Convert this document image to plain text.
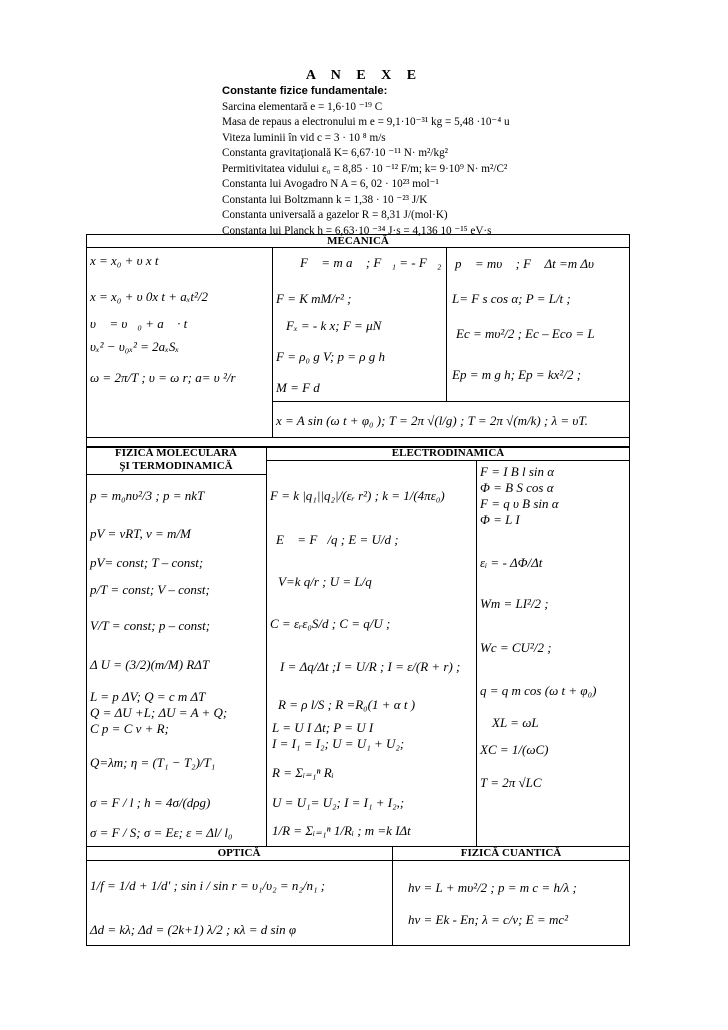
A N E X E
Constante fizice fundamentale:
Sarcina elementară e = 1,6·10 ⁻¹⁹ C
Masa de repaus a electronului m e = 9,1·10⁻³¹ kg = 5,48 ·10⁻⁴ u
Viteza luminii în vid c = 3 · 10 ⁸ m/s
Constanta gravitaţională K= 6,67·10 ⁻¹¹ N· m²/kg²
Permitivitatea vidului ε₀ = 8,85 · 10 ⁻¹² F/m; k= 9·10⁹ N· m²/C²
Constanta lui Avogadro N A = 6, 02 · 10²³ mol⁻¹
Constanta lui Boltzmann k = 1,38 · 10 ⁻²³ J/K
Constanta universală a gazelor R = 8,31 J/(mol·K)
Constanta lui Planck h = 6,63·10 ⁻³⁴ J·s = 4,136 10 ⁻¹⁵ eV·s
MECANICĂ
FIZICĂ MOLECULARĂ
ŞI TERMODINAMICĂ
ELECTRODINAMICĂ
OPTICĂ	FIZICĂ CUANTICĂ
x = x₀ + υ x t
x = x₀ + υ 0x t + aₓt²/2
υ⃗ = υ⃗₀ + a⃗ · t
υₓ² − υ₀ₓ² = 2aₓSₓ
ω = 2π/T ; υ = ω r; a= υ ²/r
F⃗ = m a⃗ ; F⃗₁ = - F⃗₂
F = K mM/r² ;
Fₓ = - k x; F = μN
F = ρ₀ g V; p = ρ g h
M = F d
p⃗ = mυ⃗ ; F⃗ Δt =m Δυ⃗
L= F s cos α; P = L/t ;
Ec = mυ²/2 ; Ec – Eco = L
Ep = m g h; Ep = kx²/2 ;
x = A sin (ω t + φ₀ ); T = 2π √(l/g) ; T = 2π √(m/k) ; λ = υT.
p = m₀nυ²/3 ; p = nkT
pV = νRT, ν = m/M
pV= const; T – const;
p/T = const; V – const;
V/T = const; p – const;
Δ U = (3/2)(m/M) RΔT
L = p ΔV; Q = c m ΔT
Q = ΔU +L; ΔU = A + Q;
C p = C v + R;
Q=λm; η = (T₁ − T₂)/T₁
σ = F / l ; h = 4σ/(dρg)
σ = F / S; σ = Eε; ε = Δl/ l₀
F = k |q₁||q₂|/(εᵣ r²) ; k = 1/(4πε₀)
E⃗ = F⃗/q ; E = U/d ;
V=k q/r ; U = L/q
C = εᵣε₀S/d ; C = q/U ;
I = Δq/Δt ;I = U/R ; I = ε/(R + r) ;
R = ρ l/S ; R =R₀(1 + α t )
L = U I Δt; P = U I
I = I₁ = I₂; U = U₁ + U₂;
R = Σᵢ₌₁ⁿ Rᵢ
U = U₁= U₂; I = I₁ + I₂,;
1/R = Σᵢ₌₁ⁿ 1/Rᵢ ; m =k IΔt
F = I B l sin α
Φ = B S cos α
F = q υ B sin α
Φ = L I
εᵢ = - ΔΦ/Δt
Wm = LI²/2 ;
Wc = CU²/2 ;
q = q m cos (ω t + φ₀)
XL = ωL
XC = 1/(ωC)
T = 2π √LC
1/f = 1/d + 1/d' ; sin i / sin r = υ₁/υ₂ = n₂/n₁ ;
Δd = kλ; Δd = (2k+1) λ/2 ; κλ = d sin φ
hν = L + mυ²/2 ; p = m c = h/λ ;
hν = Ek - En; λ = c/ν; E = mc²
